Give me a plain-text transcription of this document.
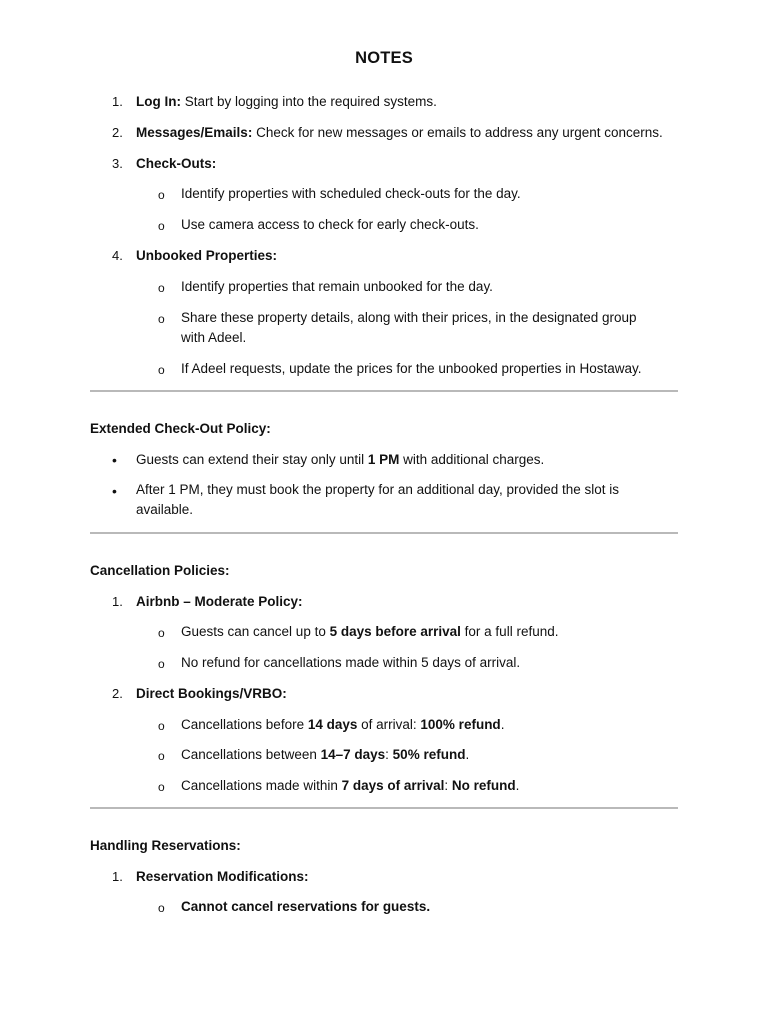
NOTES
1. Log In: Start by logging into the required systems.
2. Messages/Emails: Check for new messages or emails to address any urgent concerns.
3. Check-Outs:
o Identify properties with scheduled check-outs for the day.
o Use camera access to check for early check-outs.
4. Unbooked Properties:
o Identify properties that remain unbooked for the day.
o Share these property details, along with their prices, in the designated group with Adeel.
o If Adeel requests, update the prices for the unbooked properties in Hostaway.
Extended Check-Out Policy:
•	Guests can extend their stay only until 1 PM with additional charges.
•	After 1 PM, they must book the property for an additional day, provided the slot is available.
Cancellation Policies:
1. Airbnb – Moderate Policy:
o Guests can cancel up to 5 days before arrival for a full refund.
o No refund for cancellations made within 5 days of arrival.
2. Direct Bookings/VRBO:
o Cancellations before 14 days of arrival: 100% refund.
o Cancellations between 14–7 days: 50% refund.
o Cancellations made within 7 days of arrival: No refund.
Handling Reservations:
1. Reservation Modifications:
o Cannot cancel reservations for guests.
